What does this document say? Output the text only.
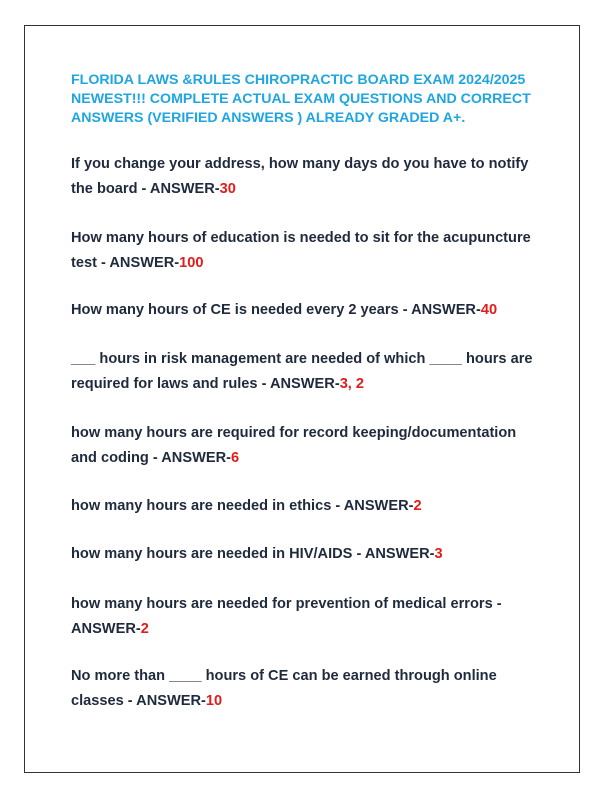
FLORIDA LAWS &RULES CHIROPRACTIC BOARD EXAM 2024/2025 NEWEST!!! COMPLETE ACTUAL EXAM QUESTIONS AND CORRECT ANSWERS (VERIFIED ANSWERS ) ALREADY GRADED A+.

If you change your address, how many days do you have to notify the board - ANSWER-30

How many hours of education is needed to sit for the acupuncture test - ANSWER-100

How many hours of CE is needed every 2 years - ANSWER-40

___ hours in risk management are needed of which ____ hours are required for laws and rules - ANSWER-3, 2

how many hours are required for record keeping/documentation and coding - ANSWER-6

how many hours are needed in ethics - ANSWER-2

how many hours are needed in HIV/AIDS - ANSWER-3

how many hours are needed for prevention of medical errors - ANSWER-2

No more than ____ hours of CE can be earned through online classes - ANSWER-10
